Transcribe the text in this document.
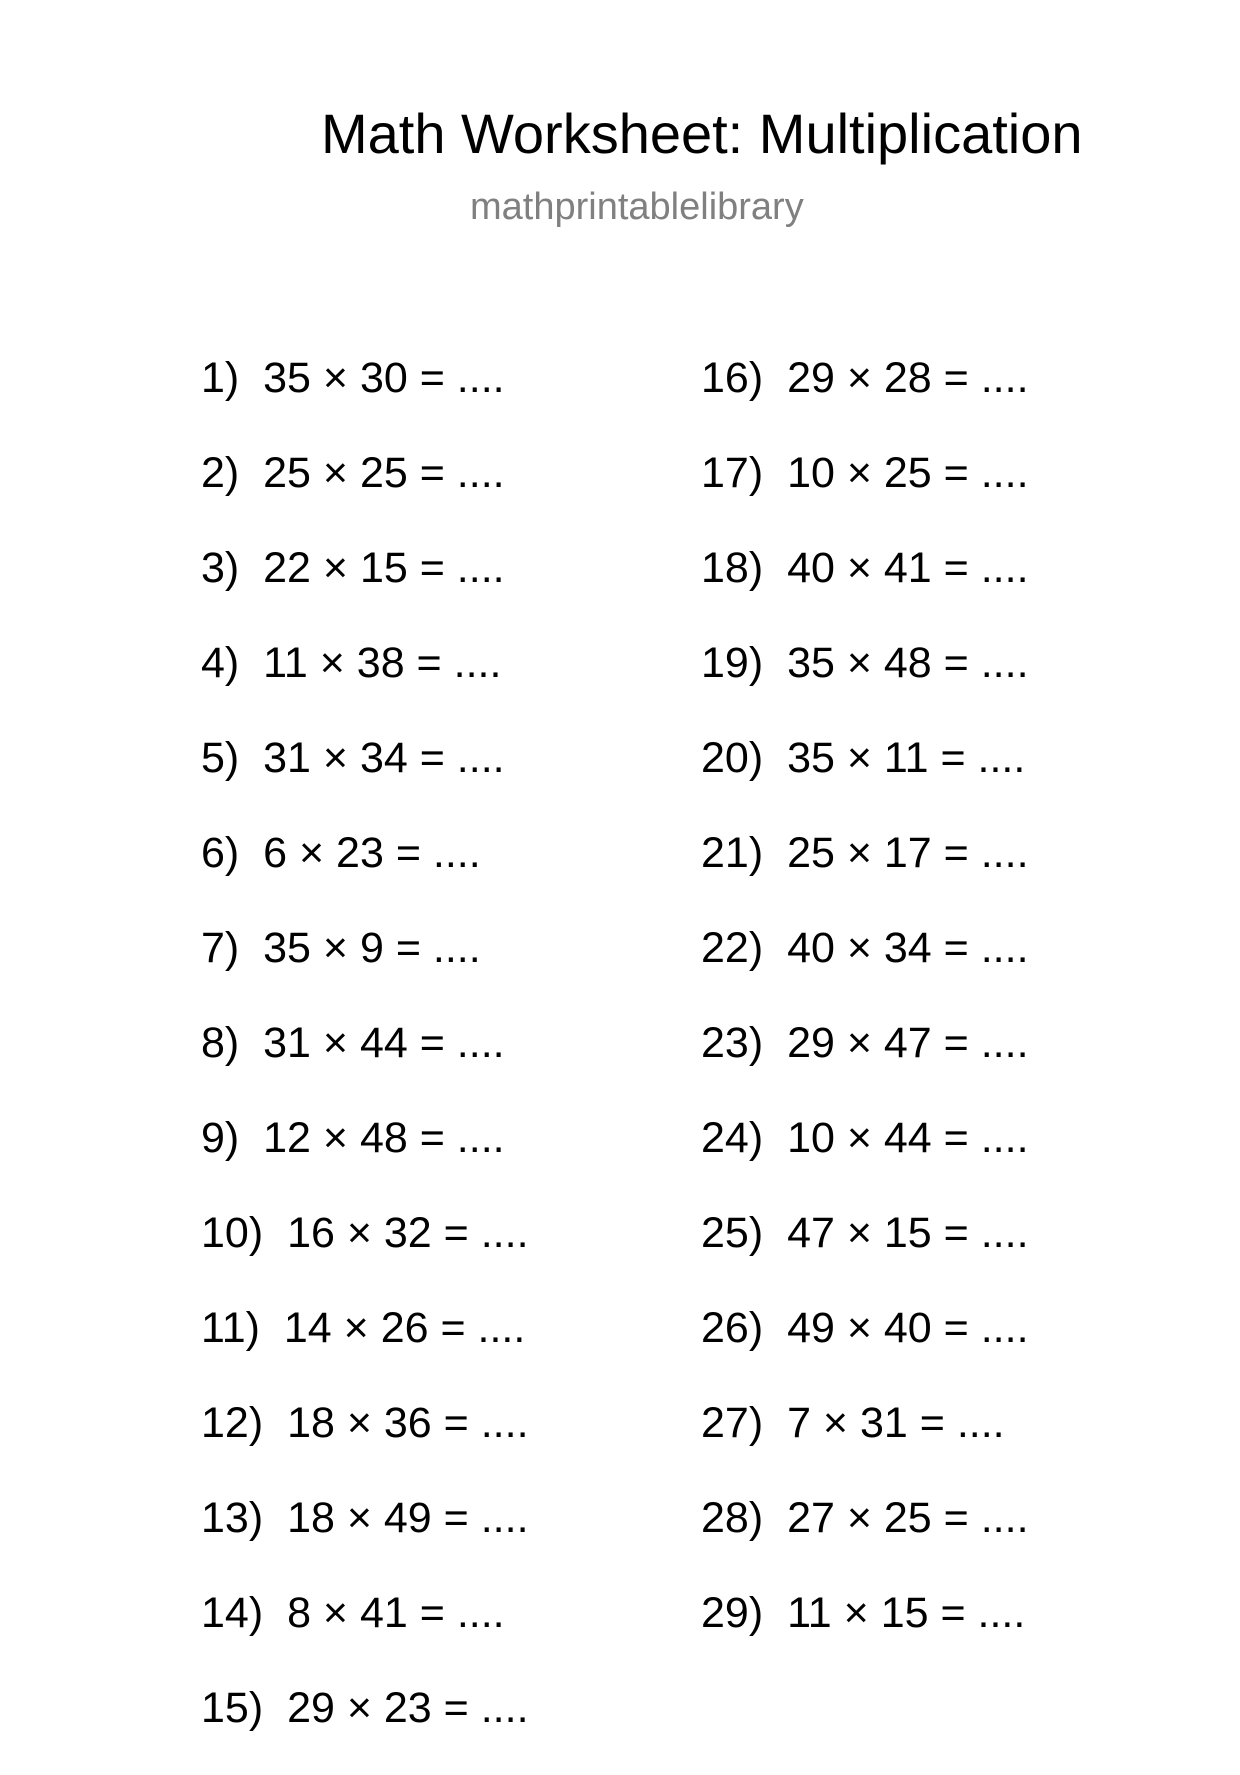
Math Worksheet: Multiplication
mathprintablelibrary
1) 35 × 30 = ....
2) 25 × 25 = ....
3) 22 × 15 = ....
4) 11 × 38 = ....
5) 31 × 34 = ....
6) 6 × 23 = ....
7) 35 × 9 = ....
8) 31 × 44 = ....
9) 12 × 48 = ....
10) 16 × 32 = ....
11) 14 × 26 = ....
12) 18 × 36 = ....
13) 18 × 49 = ....
14) 8 × 41 = ....
15) 29 × 23 = ....
16) 29 × 28 = ....
17) 10 × 25 = ....
18) 40 × 41 = ....
19) 35 × 48 = ....
20) 35 × 11 = ....
21) 25 × 17 = ....
22) 40 × 34 = ....
23) 29 × 47 = ....
24) 10 × 44 = ....
25) 47 × 15 = ....
26) 49 × 40 = ....
27) 7 × 31 = ....
28) 27 × 25 = ....
29) 11 × 15 = ....
